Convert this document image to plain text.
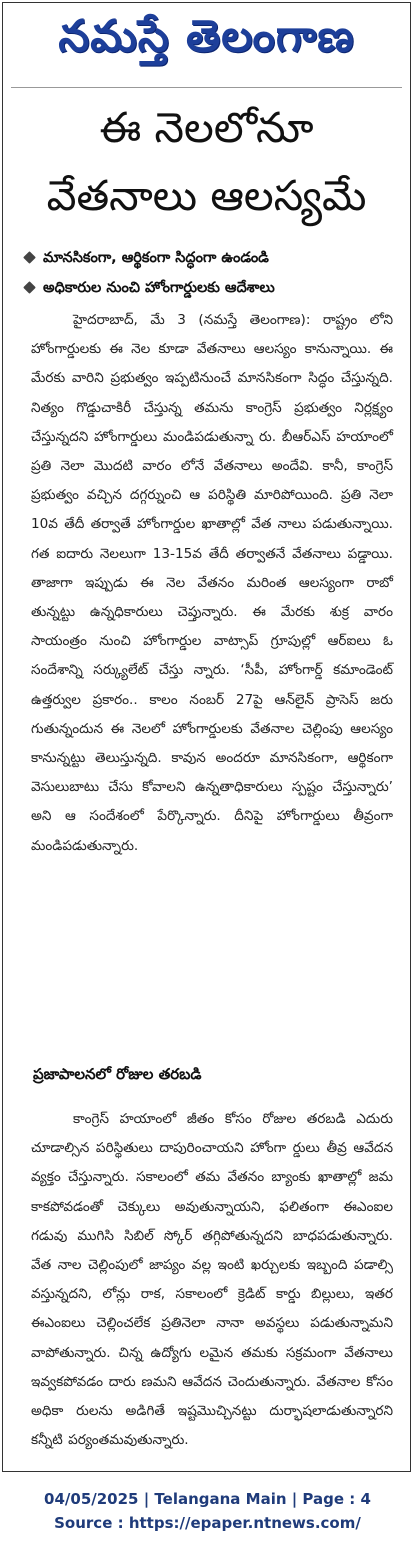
నమస్తే తెలంగాణ
ఈ నెలలోనూ
వేతనాలు ఆలస్యమే
మానసికంగా, ఆర్థికంగా సిద్ధంగా ఉండండి
అధికారుల నుంచి హోంగార్డులకు ఆదేశాలు
హైదరాబాద్, మే 3 (నమస్తే తెలంగాణ): రాష్ట్రం లోని హోంగార్డులకు ఈ నెల కూడా వేతనాలు ఆలస్యం కానున్నాయి. ఈ మేరకు వారిని ప్రభుత్వం ఇప్పటినుంచే మానసికంగా సిద్ధం చేస్తున్నది. నిత్యం గొడ్డుచాకిరీ చేస్తున్న తమను కాంగ్రెస్ ప్రభుత్వం నిర్లక్ష్యం చేస్తున్నదని హోంగార్డులు మండిపడుతున్నా రు. బీఆర్ఎస్ హయాంలో ప్రతి నెలా మొదటి వారం లోనే వేతనాలు అందేవి. కానీ, కాంగ్రెస్ ప్రభుత్వం వచ్చిన దగ్గర్నుంచి ఆ పరిస్థితి మారిపోయింది. ప్రతి నెలా 10వ తేదీ తర్వాతే హోంగార్డుల ఖాతాల్లో వేత నాలు పడుతున్నాయి. గత ఐదారు నెలలుగా 13-15వ తేదీ తర్వాతనే వేతనాలు పడ్డాయి. తాజాగా ఇప్పుడు ఈ నెల వేతనం మరింత ఆలస్యంగా రాబో తున్నట్టు ఉన్నధికారులు చెప్తున్నారు. ఈ మేరకు శుక్ర వారం సాయంత్రం నుంచి హోంగార్డుల వాట్సాప్ గ్రూపుల్లో ఆర్ఐలు ఓ సందేశాన్ని సర్క్యులేట్ చేస్తు న్నారు. ‘సీపీ, హోంగార్డ్ కమాండెంట్ ఉత్తర్వుల ప్రకారం.. కాలం నంబర్ 27పై ఆన్‌లైన్ ప్రాసెస్ జరు గుతున్నందున ఈ నెలలో హోంగార్డులకు వేతనాల చెల్లింపు ఆలస్యం కానున్నట్టు తెలుస్తున్నది. కావున అందరూ మానసికంగా, ఆర్థికంగా వెసులుబాటు చేసు కోవాలని ఉన్నతాధికారులు స్పష్టం చేస్తున్నారు’ అని ఆ సందేశంలో పేర్కొన్నారు. దీనిపై హోంగార్డులు తీవ్రంగా మండిపడుతున్నారు.
ప్రజాపాలనలో రోజుల తరబడి
కాంగ్రెస్ హయాంలో జీతం కోసం రోజుల తరబడి ఎదురు చూడాల్సిన పరిస్థితులు దాపురించాయని హోంగా ర్డులు తీవ్ర ఆవేదన వ్యక్తం చేస్తున్నారు. సకాలంలో తమ వేతనం బ్యాంకు ఖాతాల్లో జమ కాకపోవడంతో చెక్కులు అవుతున్నాయని, ఫలితంగా ఈఎంఐల గడువు ముగిసి సిబిల్ స్కోర్ తగ్గిపోతున్నదని బాధపడుతున్నారు. వేత నాల చెల్లింపులో జాప్యం వల్ల ఇంటి ఖర్చులకు ఇబ్బంది పడాల్సి వస్తున్నదని, లోన్లు రాక, సకాలంలో క్రెడిట్ కార్డు బిల్లులు, ఇతర ఈఎంఐలు చెల్లించలేక ప్రతినెలా నానా అవస్థలు పడుతున్నామని వాపోతున్నారు. చిన్న ఉద్యోగు లమైన తమకు సక్రమంగా వేతనాలు ఇవ్వకపోవడం దారు ణమని ఆవేదన చెందుతున్నారు. వేతనాల కోసం అధికా రులను అడిగితే ఇష్టమొచ్చినట్టు దుర్భాషలాడుతున్నారని కన్నీటి పర్యంతమవుతున్నారు.
04/05/2025 | Telangana Main | Page : 4
Source : https://epaper.ntnews.com/
